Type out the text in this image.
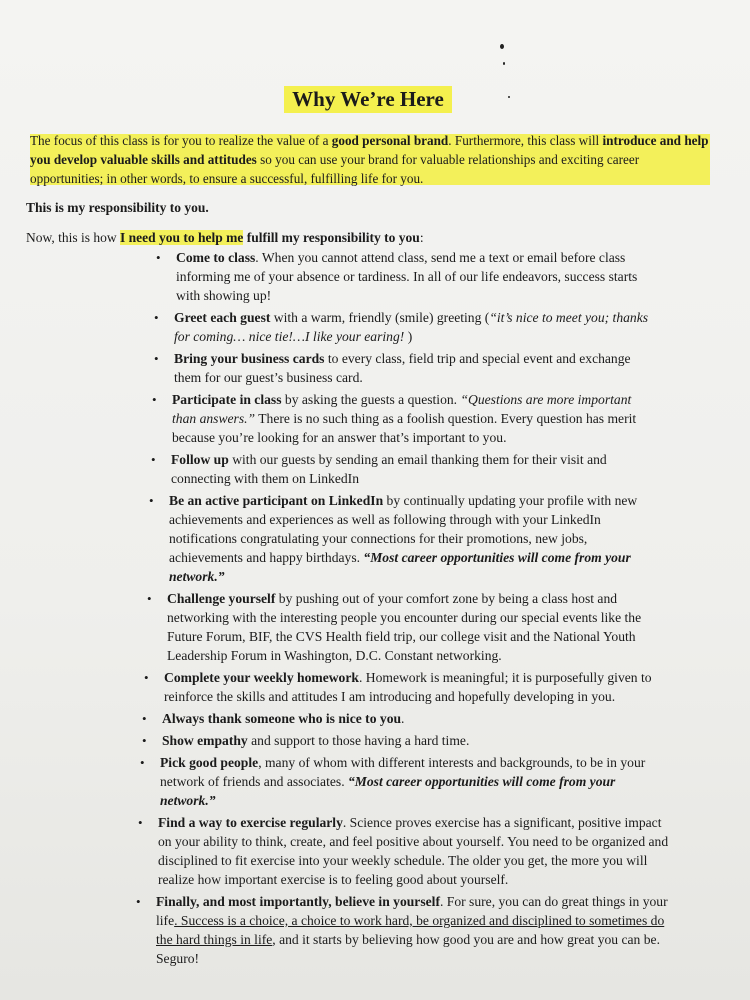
Why We’re Here

The focus of this class is for you to realize the value of a good personal brand. Furthermore, this class will introduce and help you develop valuable skills and attitudes so you can use your brand for valuable relationships and exciting career opportunities; in other words, to ensure a successful, fulfilling life for you.

This is my responsibility to you.

Now, this is how I need you to help me fulfill my responsibility to you:

• Come to class. When you cannot attend class, send me a text or email before class informing me of your absence or tardiness. In all of our life endeavors, success starts with showing up!
• Greet each guest with a warm, friendly (smile) greeting (“it’s nice to meet you; thanks for coming… nice tie!…I like your earing! )
• Bring your business cards to every class, field trip and special event and exchange them for our guest’s business card.
• Participate in class by asking the guests a question. “Questions are more important than answers.” There is no such thing as a foolish question. Every question has merit because you’re looking for an answer that’s important to you.
• Follow up with our guests by sending an email thanking them for their visit and connecting with them on LinkedIn
• Be an active participant on LinkedIn by continually updating your profile with new achievements and experiences as well as following through with your LinkedIn notifications congratulating your connections for their promotions, new jobs, achievements and happy birthdays. “Most career opportunities will come from your network.”
• Challenge yourself by pushing out of your comfort zone by being a class host and networking with the interesting people you encounter during our special events like the Future Forum, BIF, the CVS Health field trip, our college visit and the National Youth Leadership Forum in Washington, D.C. Constant networking.
• Complete your weekly homework. Homework is meaningful; it is purposefully given to reinforce the skills and attitudes I am introducing and hopefully developing in you.
• Always thank someone who is nice to you.
• Show empathy and support to those having a hard time.
• Pick good people, many of whom with different interests and backgrounds, to be in your network of friends and associates. “Most career opportunities will come from your network.”
• Find a way to exercise regularly. Science proves exercise has a significant, positive impact on your ability to think, create, and feel positive about yourself. You need to be organized and disciplined to fit exercise into your weekly schedule. The older you get, the more you will realize how important exercise is to feeling good about yourself.
• Finally, and most importantly, believe in yourself. For sure, you can do great things in your life. Success is a choice, a choice to work hard, be organized and disciplined to sometimes do the hard things in life, and it starts by believing how good you are and how great you can be. Seguro!
